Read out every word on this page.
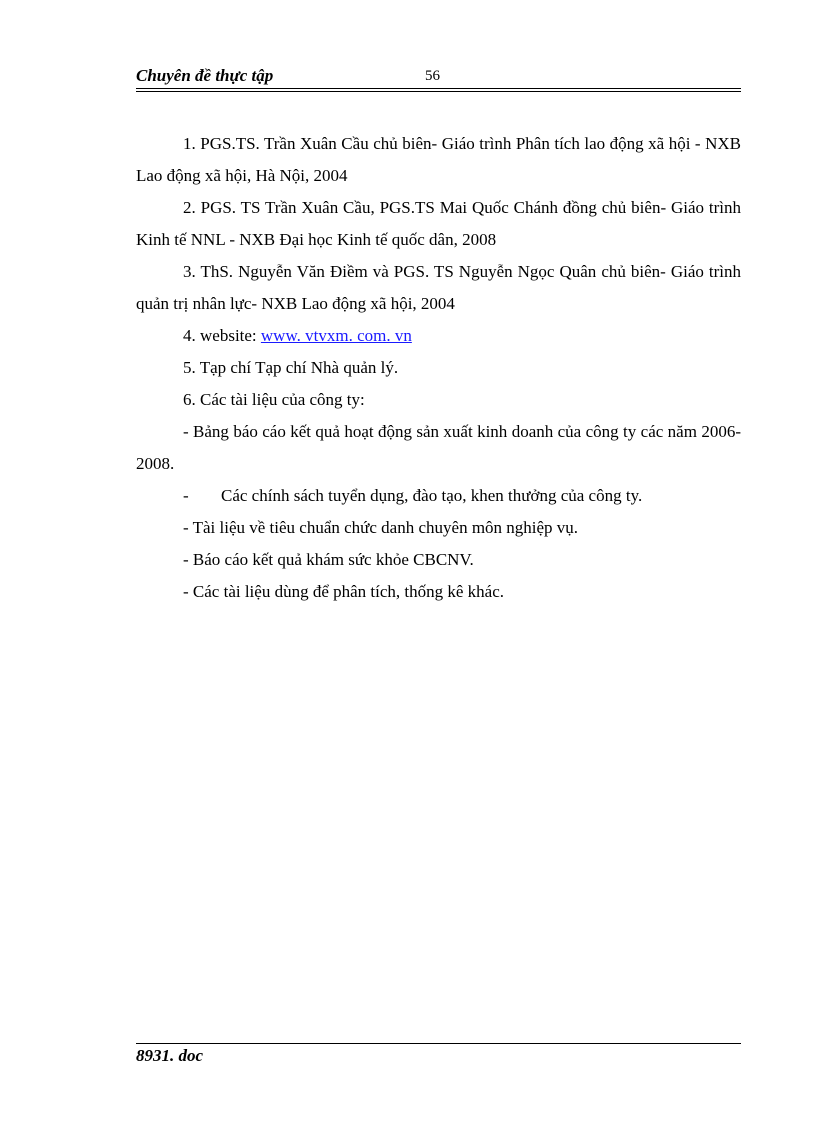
Chuyên đề thực tập	56

1. PGS.TS. Trần Xuân Cầu chủ biên- Giáo trình Phân tích lao động xã hội - NXB Lao động xã hội, Hà Nội, 2004

2. PGS. TS Trần Xuân Cầu, PGS.TS Mai Quốc Chánh đồng chủ biên- Giáo trình Kinh tế NNL - NXB Đại học Kinh tế quốc dân, 2008

3. ThS. Nguyễn Văn Điềm và PGS. TS Nguyễn Ngọc Quân chủ biên- Giáo trình quản trị nhân lực- NXB Lao động xã hội, 2004

4. website: www. vtvxm. com. vn

5. Tạp chí Tạp chí Nhà quản lý.

6. Các tài liệu của công ty:

- Bảng báo cáo kết quả hoạt động sản xuất kinh doanh của công ty các năm 2006-2008.

- Các chính sách tuyển dụng, đào tạo, khen thưởng của công ty.

- Tài liệu về tiêu chuẩn chức danh chuyên môn nghiệp vụ.

- Báo cáo kết quả khám sức khỏe CBCNV.

- Các tài liệu dùng để phân tích, thống kê khác.

8931. doc
